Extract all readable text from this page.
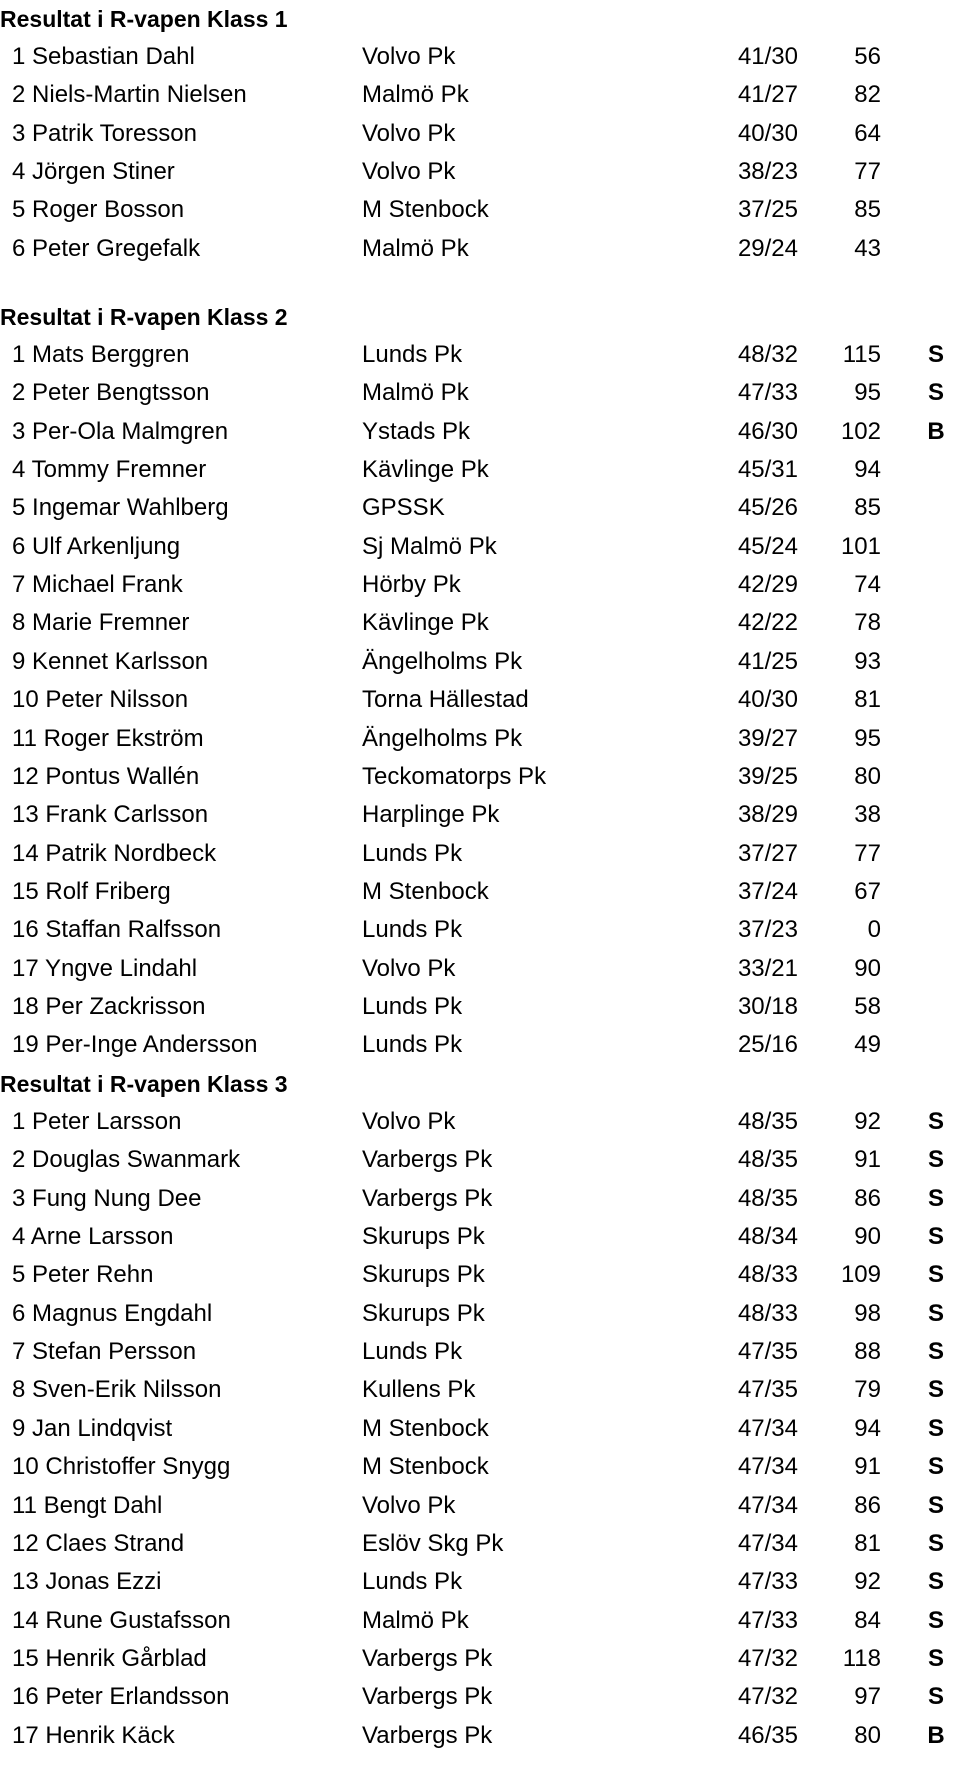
Resultat i R-vapen Klass 1
1 Sebastian Dahl	Volvo Pk	41/30	56
2 Niels-Martin Nielsen	Malmö Pk	41/27	82
3 Patrik Toresson	Volvo Pk	40/30	64
4 Jörgen Stiner	Volvo Pk	38/23	77
5 Roger Bosson	M Stenbock	37/25	85
6 Peter Gregefalk	Malmö Pk	29/24	43
Resultat i R-vapen Klass 2
1 Mats Berggren	Lunds Pk	48/32	115	S
2 Peter Bengtsson	Malmö Pk	47/33	95	S
3 Per-Ola Malmgren	Ystads Pk	46/30	102	B
4 Tommy Fremner	Kävlinge Pk	45/31	94
5 Ingemar Wahlberg	GPSSK	45/26	85
6 Ulf Arkenljung	Sj Malmö Pk	45/24	101
7 Michael Frank	Hörby Pk	42/29	74
8 Marie Fremner	Kävlinge Pk	42/22	78
9 Kennet Karlsson	Ängelholms Pk	41/25	93
10 Peter Nilsson	Torna Hällestad	40/30	81
11 Roger Ekström	Ängelholms Pk	39/27	95
12 Pontus Wallén	Teckomatorps Pk	39/25	80
13 Frank Carlsson	Harplinge Pk	38/29	38
14 Patrik Nordbeck	Lunds Pk	37/27	77
15 Rolf Friberg	M Stenbock	37/24	67
16 Staffan Ralfsson	Lunds Pk	37/23	0
17 Yngve Lindahl	Volvo Pk	33/21	90
18 Per Zackrisson	Lunds Pk	30/18	58
19 Per-Inge Andersson	Lunds Pk	25/16	49
Resultat i R-vapen Klass 3
1 Peter Larsson	Volvo Pk	48/35	92	S
2 Douglas Swanmark	Varbergs Pk	48/35	91	S
3 Fung Nung Dee	Varbergs Pk	48/35	86	S
4 Arne Larsson	Skurups Pk	48/34	90	S
5 Peter Rehn	Skurups Pk	48/33	109	S
6 Magnus Engdahl	Skurups Pk	48/33	98	S
7 Stefan Persson	Lunds Pk	47/35	88	S
8 Sven-Erik Nilsson	Kullens Pk	47/35	79	S
9 Jan Lindqvist	M Stenbock	47/34	94	S
10 Christoffer Snygg	M Stenbock	47/34	91	S
11 Bengt Dahl	Volvo Pk	47/34	86	S
12 Claes Strand	Eslöv Skg Pk	47/34	81	S
13 Jonas Ezzi	Lunds Pk	47/33	92	S
14 Rune Gustafsson	Malmö Pk	47/33	84	S
15 Henrik Gårblad	Varbergs Pk	47/32	118	S
16 Peter Erlandsson	Varbergs Pk	47/32	97	S
17 Henrik Käck	Varbergs Pk	46/35	80	B
